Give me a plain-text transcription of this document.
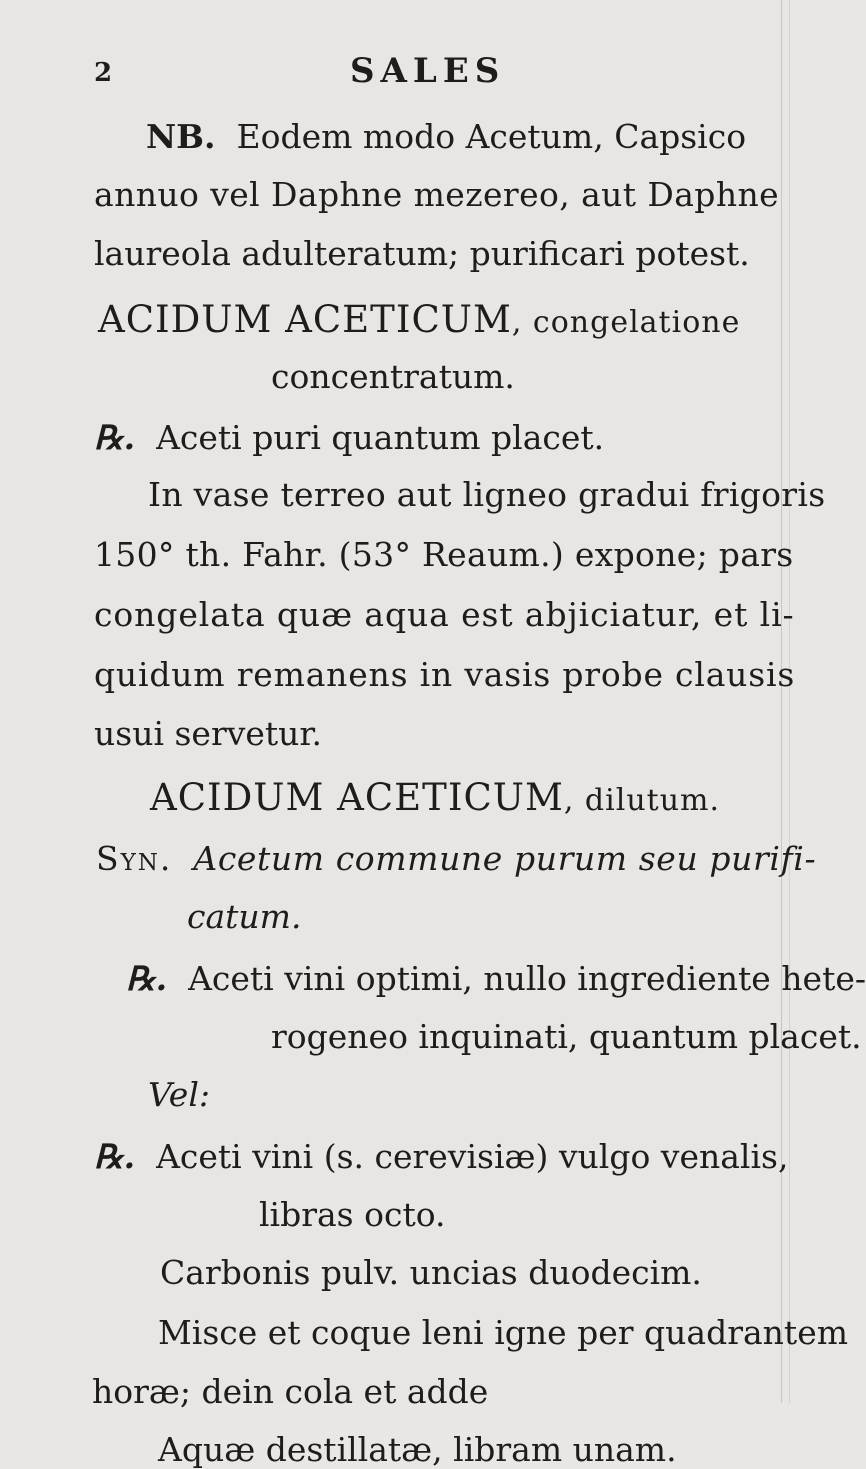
2	SALES
NB. Eodem modo Acetum, Capsico
annuo vel Daphne mezereo, aut Daphne
laureola adulteratum; purificari potest.
ACIDUM ACETICUM, congelatione
concentratum.
℞. Aceti puri quantum placet.
In vase terreo aut ligneo gradui frigoris
150° th. Fahr. (53° Reaum.) expone; pars
congelata quæ aqua est abjiciatur, et li-
quidum remanens in vasis probe clausis
usui servetur.
ACIDUM ACETICUM, dilutum.
Syn. Acetum commune purum seu purifi-
catum.
℞. Aceti vini optimi, nullo ingrediente hete-
rogeneo inquinati, quantum placet.
Vel:
℞. Aceti vini (s. cerevisiæ) vulgo venalis,
libras octo.
Carbonis pulv. uncias duodecim.
Misce et coque leni igne per quadrantem
horæ; dein cola et adde
Aquæ destillatæ, libram unam.
